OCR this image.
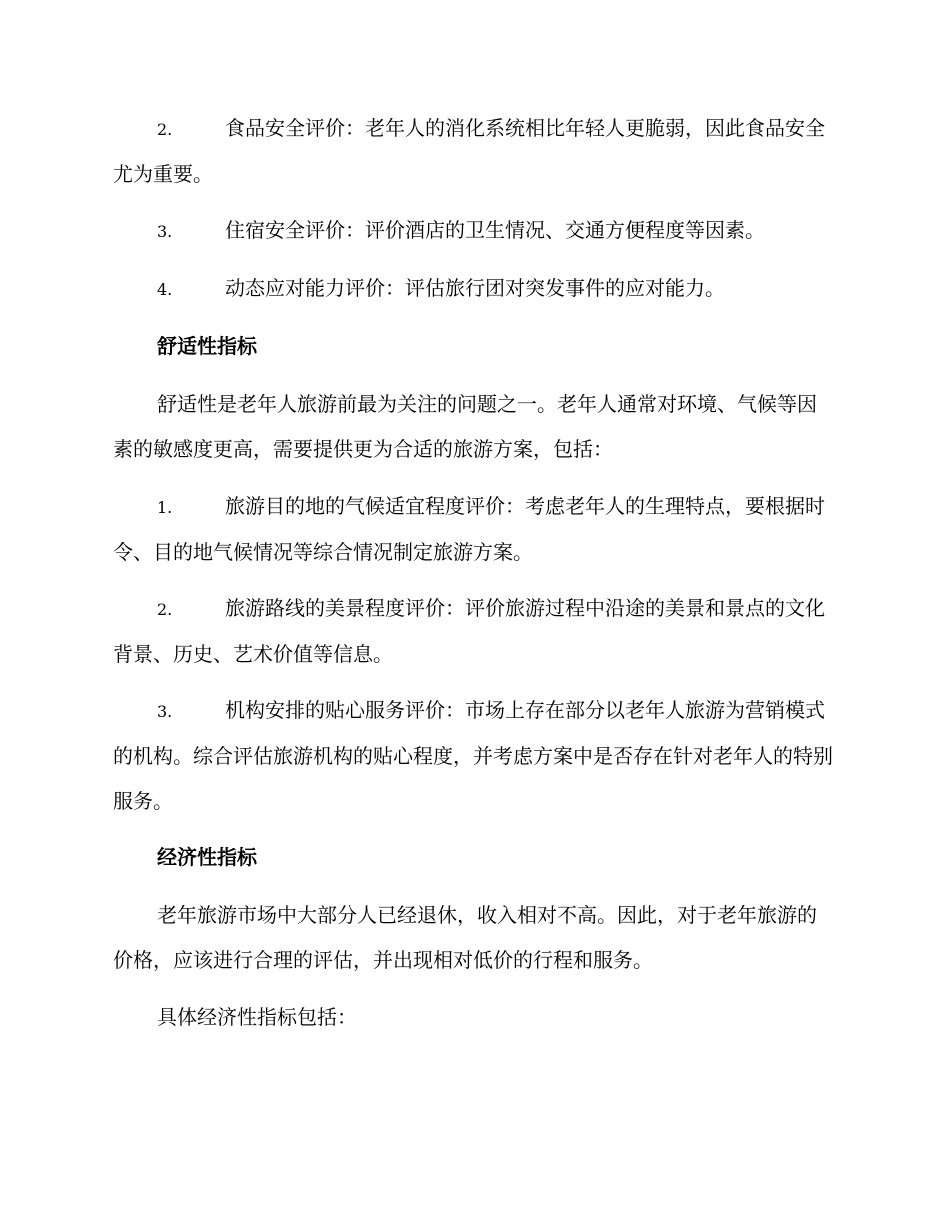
2.	食品安全评价：老年人的消化系统相比年轻人更脆弱，因此食品安全尤为重要。
3.	住宿安全评价：评价酒店的卫生情况、交通方便程度等因素。
4.	动态应对能力评价：评估旅行团对突发事件的应对能力。
舒适性指标
舒适性是老年人旅游前最为关注的问题之一。老年人通常对环境、气候等因素的敏感度更高，需要提供更为合适的旅游方案，包括：
1.	旅游目的地的气候适宜程度评价：考虑老年人的生理特点，要根据时令、目的地气候情况等综合情况制定旅游方案。
2.	旅游路线的美景程度评价：评价旅游过程中沿途的美景和景点的文化背景、历史、艺术价值等信息。
3.	机构安排的贴心服务评价：市场上存在部分以老年人旅游为营销模式的机构。综合评估旅游机构的贴心程度，并考虑方案中是否存在针对老年人的特别服务。
经济性指标
老年旅游市场中大部分人已经退休，收入相对不高。因此，对于老年旅游的价格，应该进行合理的评估，并出现相对低价的行程和服务。
具体经济性指标包括：
